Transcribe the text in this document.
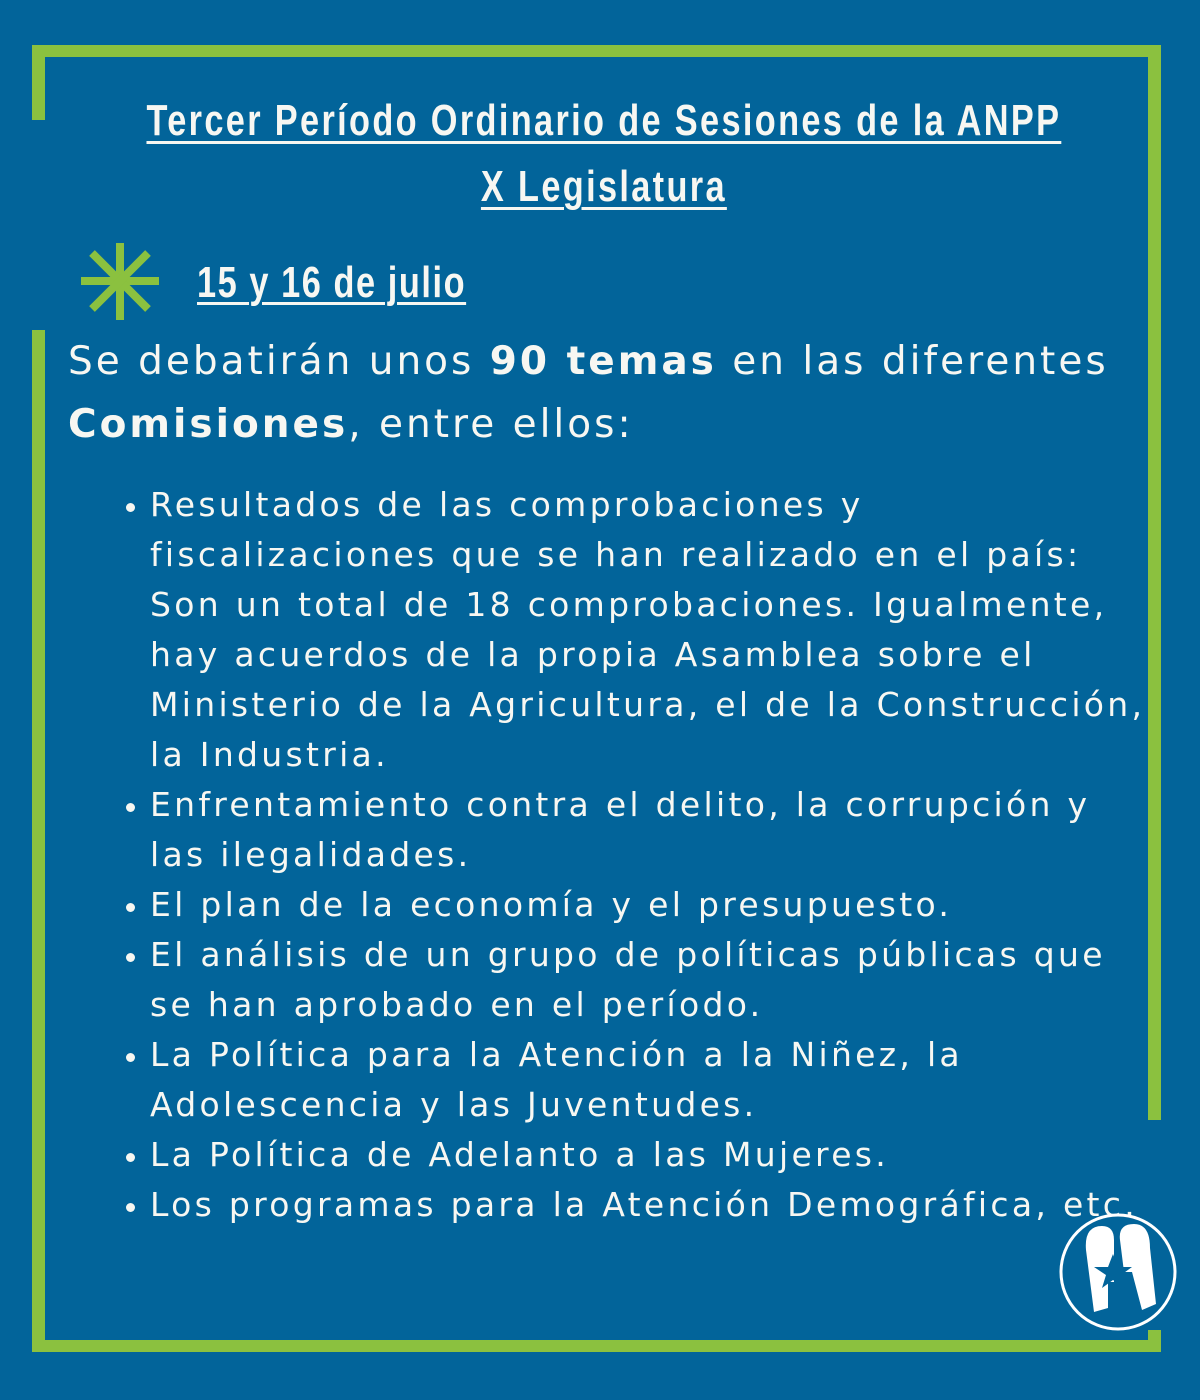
Tercer Período Ordinario de Sesiones de la ANPP
X Legislatura
15 y 16 de julio
Se debatirán unos 90 temas en las diferentes Comisiones, entre ellos:
• Resultados de las comprobaciones y fiscalizaciones que se han realizado en el país: Son un total de 18 comprobaciones. Igualmente, hay acuerdos de la propia Asamblea sobre el Ministerio de la Agricultura, el de la Construcción, la Industria.
• Enfrentamiento contra el delito, la corrupción y las ilegalidades.
• El plan de la economía y el presupuesto.
• El análisis de un grupo de políticas públicas que se han aprobado en el período.
• La Política para la Atención a la Niñez, la Adolescencia y las Juventudes.
• La Política de Adelanto a las Mujeres.
• Los programas para la Atención Demográfica, etc.
